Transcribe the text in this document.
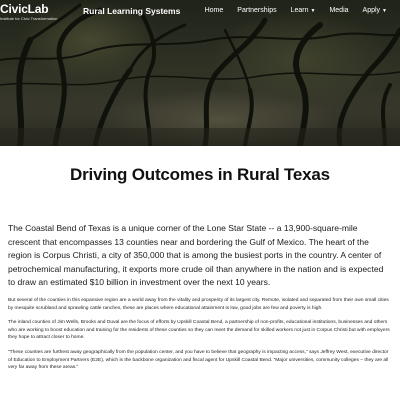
CivicLab
Institute for Civic Transformation
Rural Learning Systems	Home	Partnerships	Learn ▼	Media	Apply ▼
Driving Outcomes in Rural Texas

The Coastal Bend of Texas is a unique corner of the Lone Star State -- a 13,900-square-mile crescent that encompasses 13 counties near and bordering the Gulf of Mexico. The heart of the region is Corpus Christi, a city of 350,000 that is among the busiest ports in the country. A center of petrochemical manufacturing, it exports more crude oil than anywhere in the nation and is expected to draw an estimated $10 billion in investment over the next 10 years.

But several of the counties in this expansive region are a world away from the vitality and prosperity of its largest city. Remote, isolated and separated from their own small cities by mesquite scrubland and sprawling cattle ranches, these are places where educational attainment is low, good jobs are few and poverty is high.

The inland counties of Jim Wells, Brooks and Duval are the focus of efforts by Upskill Coastal Bend, a partnership of non-profits, educational institutions, businesses and others who are working to boost education and training for the residents of these counties so they can meet the demand for skilled workers not just in Corpus Christi but with employers they hope to attract closer to home.

“These counties are furthest away geographically from the population center, and you have to believe that geography is impacting access,” says Jeffrey West, executive director of Education to Employment Partners (E2E), which is the backbone organization and fiscal agent for Upskill Coastal Bend. “Major universities, community colleges – they are all very far away from these areas.”
